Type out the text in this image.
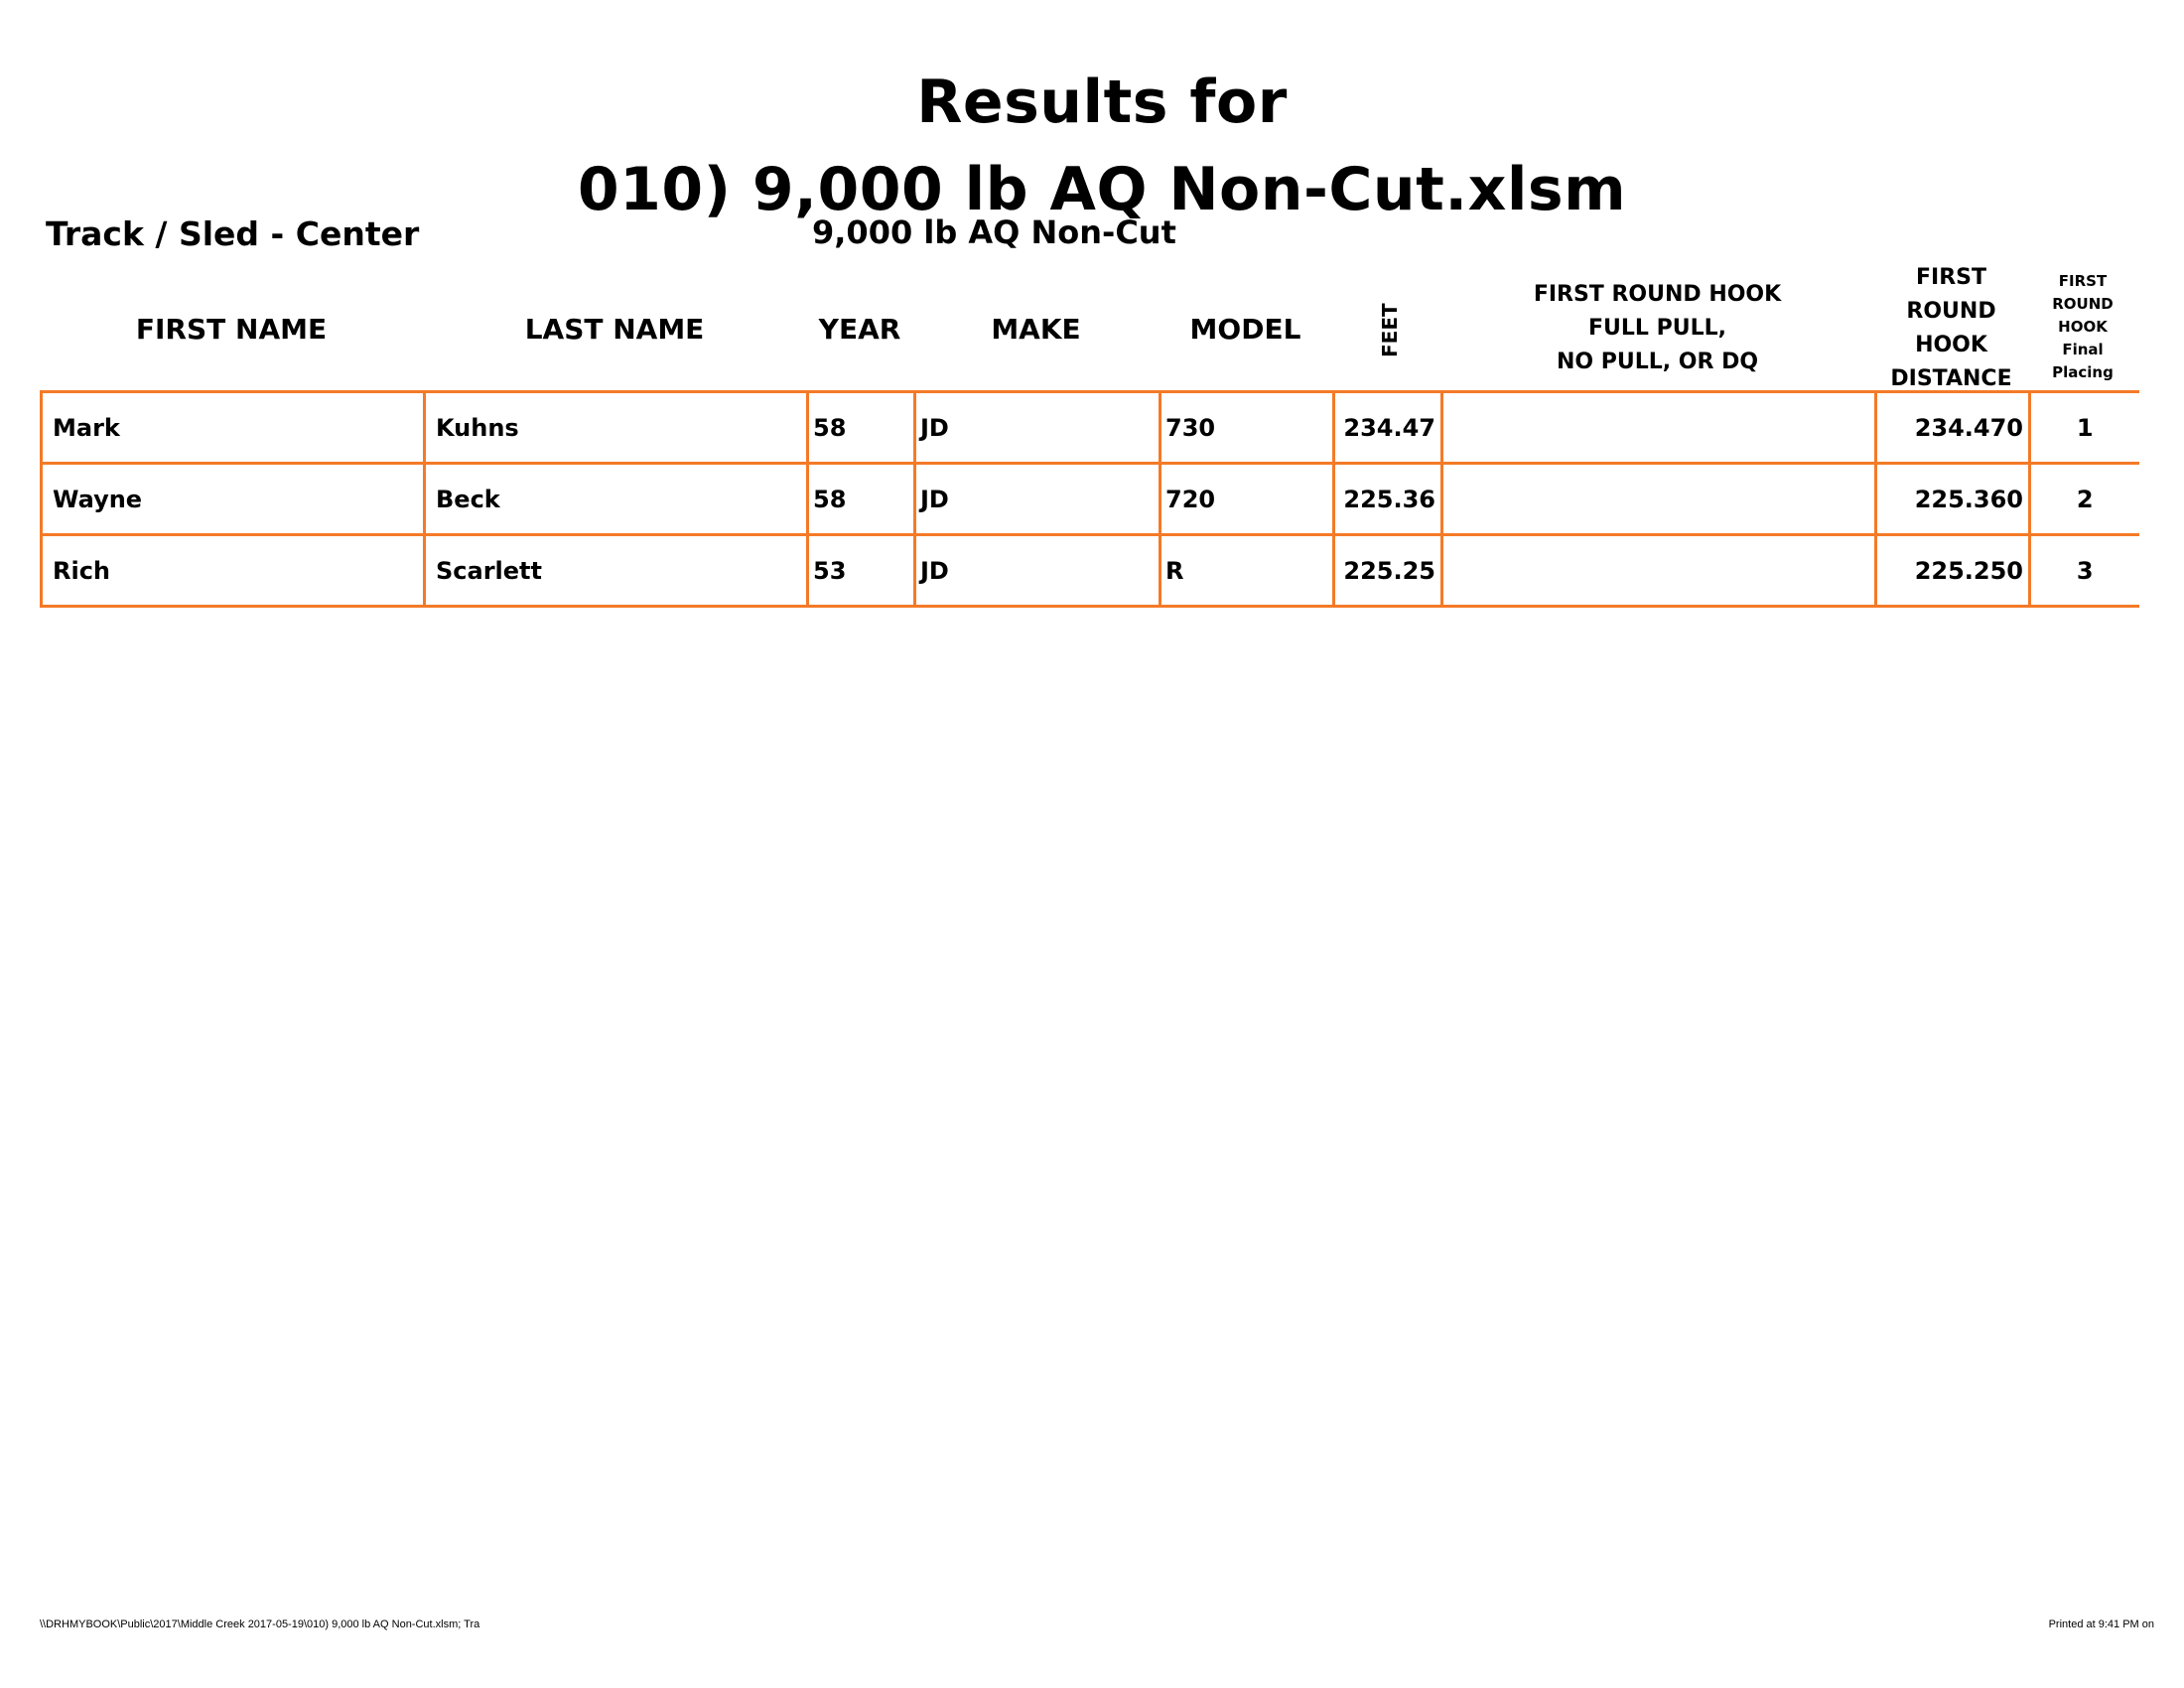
Results for
010) 9,000 lb AQ Non-Cut.xlsm
Track / Sled - Center	9,000 lb AQ Non-Cut
FIRST NAME	LAST NAME	YEAR	MAKE	MODEL	FEET
FIRST ROUND HOOK
FULL PULL,
NO PULL, OR DQ
FIRST
ROUND
HOOK
DISTANCE
FIRST
ROUND
HOOK
Final
Placing
Mark	Kuhns	58	JD	730	234.47		234.470	1
Wayne	Beck	58	JD	720	225.36		225.360	2
Rich	Scarlett	53	JD	R	225.25		225.250	3
\\DRHMYBOOK\Public\2017\Middle Creek 2017-05-19\010) 9,000 lb AQ Non-Cut.xlsm; Tra	Printed at 9:41 PM on
